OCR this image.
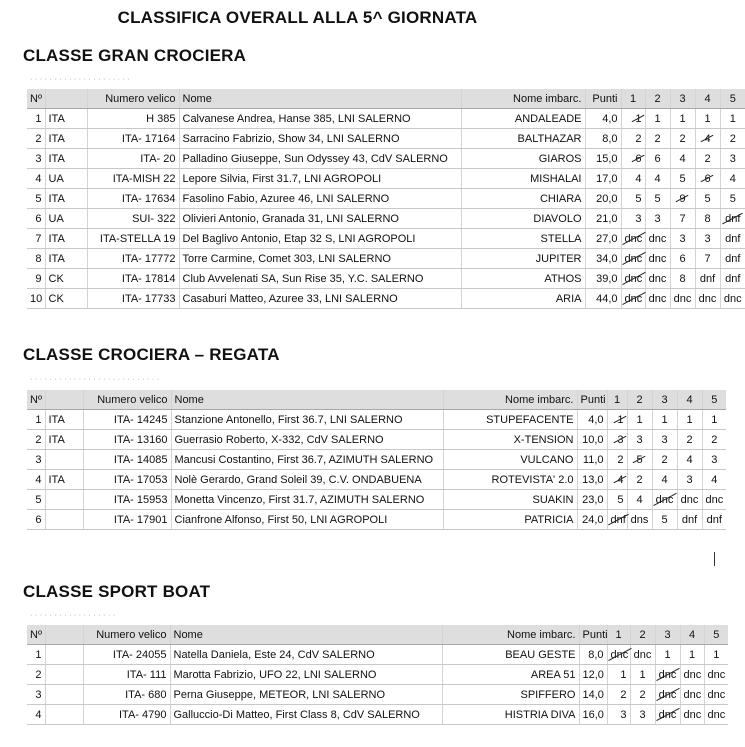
CLASSIFICA OVERALL ALLA 5^ GIORNATA
CLASSE GRAN CROCIERA
· · · · · · · · · · · · · · · · · · · · ·
Nº		Numero velico	Nome	Nome imbarc.	Punti	1	2	3	4	5
1	ITA	H 385	Calvanese Andrea, Hanse 385, LNI SALERNO	ANDALEADE	4,0	1	1	1	1	1
2	ITA	ITA- 17164	Sarracino Fabrizio, Show 34, LNI SALERNO	BALTHAZAR	8,0	2	2	2	4	2
3	ITA	ITA- 20	Palladino Giuseppe, Sun Odyssey 43, CdV SALERNO	GIAROS	15,0	6	6	4	2	3
4	UA	ITA-MISH 22	Lepore Silvia, First 31.7, LNI AGROPOLI	MISHALAI	17,0	4	4	5	6	4
5	ITA	ITA- 17634	Fasolino Fabio, Azuree 46, LNI SALERNO	CHIARA	20,0	5	5	9	5	5
6	UA	SUI- 322	Olivieri Antonio, Granada 31, LNI SALERNO	DIAVOLO	21,0	3	3	7	8	dnf
7	ITA	ITA-STELLA 19	Del Baglivo Antonio, Etap 32 S, LNI AGROPOLI	STELLA	27,0	dnc	dnc	3	3	dnf
8	ITA	ITA- 17772	Torre Carmine, Comet 303, LNI SALERNO	JUPITER	34,0	dnc	dnc	6	7	dnf
9	CK	ITA- 17814	Club Avvelenati SA, Sun Rise 35, Y.C. SALERNO	ATHOS	39,0	dnc	dnc	8	dnf	dnf
10	CK	ITA- 17733	Casaburi Matteo, Azuree 33, LNI SALERNO	ARIA	44,0	dnc	dnc	dnc	dnc	dnc
CLASSE CROCIERA – REGATA
· · · · · · · · · · · · · · · · · · · · · · · · · · ·
Nº		Numero velico	Nome	Nome imbarc.	Punti	1	2	3	4	5
1	ITA	ITA- 14245	Stanzione Antonello, First 36.7, LNI SALERNO	STUPEFACENTE	4,0	1	1	1	1	1
2	ITA	ITA- 13160	Guerrasio Roberto, X-332, CdV SALERNO	X-TENSION	10,0	3	3	3	2	2
3		ITA- 14085	Mancusi Costantino, First 36.7, AZIMUTH SALERNO	VULCANO	11,0	2	5	2	4	3
4	ITA	ITA- 17053	Nolè Gerardo, Grand Soleil 39, C.V. ONDABUENA	ROTEVISTA' 2.0	13,0	4	2	4	3	4
5		ITA- 15953	Monetta Vincenzo, First 31.7, AZIMUTH SALERNO	SUAKIN	23,0	5	4	dnc	dnc	dnc
6		ITA- 17901	Cianfrone Alfonso, First 50, LNI AGROPOLI	PATRICIA	24,0	dnf	dns	5	dnf	dnf
CLASSE SPORT BOAT
· · · · · · · · · · · · · · · · · ·
Nº		Numero velico	Nome	Nome imbarc.	Punti	1	2	3	4	5
1		ITA- 24055	Natella Daniela, Este 24, CdV SALERNO	BEAU GESTE	8,0	dnc	dnc	1	1	1
2		ITA- 111	Marotta Fabrizio, UFO 22, LNI SALERNO	AREA 51	12,0	1	1	dnc	dnc	dnc
3		ITA- 680	Perna Giuseppe, METEOR, LNI SALERNO	SPIFFERO	14,0	2	2	dnc	dnc	dnc
4		ITA- 4790	Galluccio-Di Matteo, First Class 8, CdV SALERNO	HISTRIA DIVA	16,0	3	3	dnc	dnc	dnc
